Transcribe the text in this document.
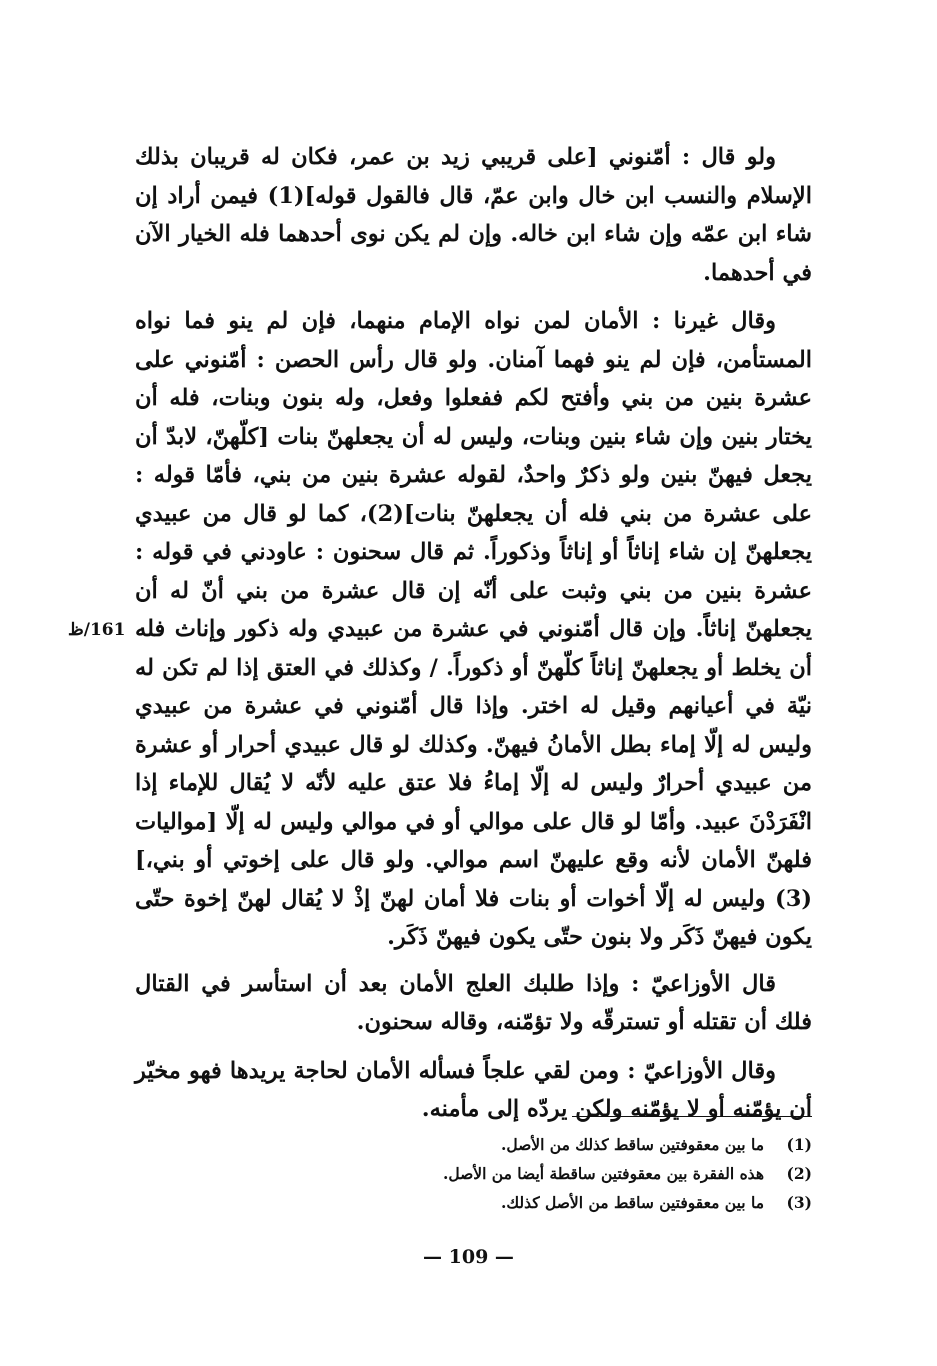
ولو قال : أمّنوني [على قريبي زيد بن عمر، فكان له قريبان بذلك الإسلام والنسب ابن خال وابن عمّ، قال فالقول قوله](1) فيمن أراد إن شاء ابن عمّه وإن شاء ابن خاله. وإن لم يكن نوى أحدهما فله الخيار الآن في أحدهما.

وقال غيرنا : الأمان لمن نواه الإمام منهما، فإن لم ينو فما نواه المستأمن، فإن لم ينو فهما آمنان. ولو قال رأس الحصن : أمّنوني على عشرة بنين من بني وأفتح لكم ففعلوا وفعل، وله بنون وبنات، فله أن يختار بنين وإن شاء بنين وبنات، وليس له أن يجعلهنّ بنات [كلّهنّ، لابدّ أن يجعل فيهنّ بنين ولو ذكرٌ واحدٌ، لقوله عشرة بنين من بني، فأمّا قوله : على عشرة من بني فله أن يجعلهنّ بنات](2)، كما لو قال من عبيدي يجعلهنّ إن شاء إناثاً أو إناثاً وذكوراً. ثم قال سحنون : عاودني في قوله : عشرة بنين من بني وثبت على أنّه إن قال عشرة من بني أنّ له أن يجعلهنّ إناثاً. وإن قال أمّنوني في عشرة من عبيدي وله ذكور وإناث فله أن يخلط أو يجعلهنّ إناثاً كلّهنّ أو ذكوراً. / وكذلك في العتق إذا لم تكن له نيّة في أعيانهم وقيل له اختر. وإذا قال أمّنوني في عشرة من عبيدي وليس له إلّا إماء بطل الأمانُ فيهنّ. وكذلك لو قال عبيدي أحرار أو عشرة من عبيدي أحرارٌ وليس له إلّا إماءُ فلا عتق عليه لأنّه لا يُقال للإماء إذا انْفَرَدْنَ عبيد. وأمّا لو قال على موالي أو في موالي وليس له إلّا [مواليات فلهنّ الأمان لأنه وقع عليهنّ اسم موالي. ولو قال على إخوتي أو بني،](3) وليس له إلّا أخوات أو بنات فلا أمان لهنّ إذْ لا يُقال لهنّ إخوة حتّى يكون فيهنّ ذَكَر ولا بنون حتّى يكون فيهنّ ذَكَر.

قال الأوزاعيّ : وإذا طلبك العلج الأمان بعد أن استأسر في القتال فلك أن تقتله أو تسترقّه ولا تؤمّنه، وقاله سحنون.

وقال الأوزاعيّ : ومن لقي علجاً فسأله الأمان لحاجة يريدها فهو مخيّر أن يؤمّنه أو لا يؤمّنه ولكن يردّه إلى مأمنه.

161/ظ
(1)
ما بين معقوفتين ساقط كذلك من الأصل.
(2)
هذه الفقرة بين معقوفتين ساقطة أيضا من الأصل.
(3)
ما بين معقوفتين ساقط من الأصل كذلك.
— 109 —
